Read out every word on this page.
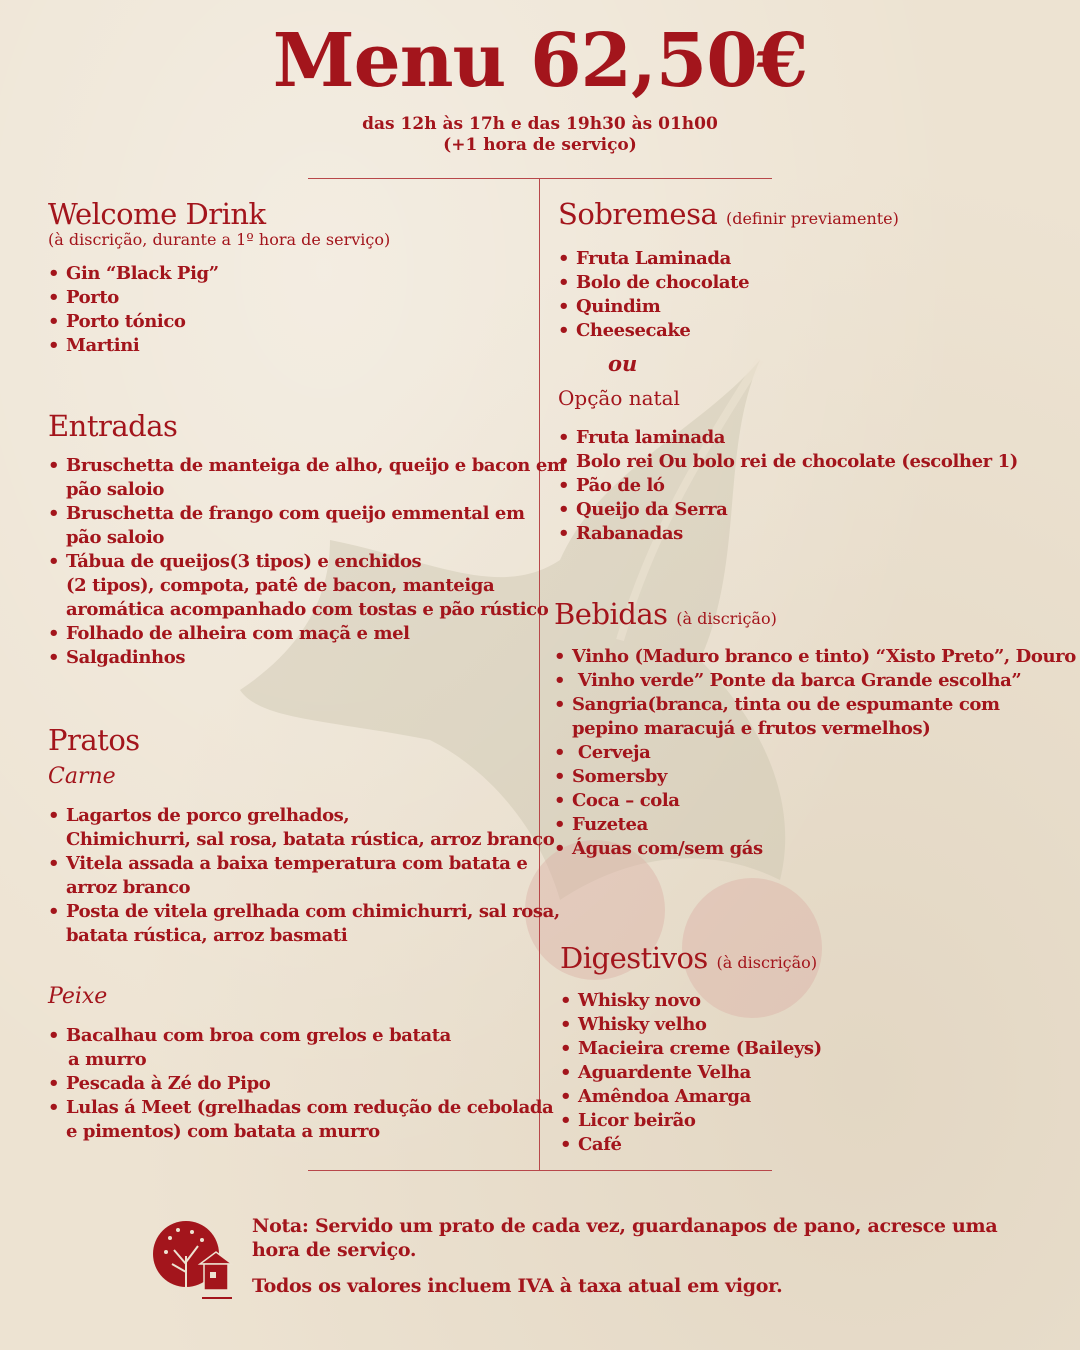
Menu 62,50€
das 12h às 17h e das 19h30 às 01h00
(+1 hora de serviço)
Welcome Drink
(à discrição, durante a 1º hora de serviço)
• Gin “Black Pig”
• Porto
• Porto tónico
• Martini
Entradas
• Bruschetta de manteiga de alho, queijo e bacon em
pão saloio
• Bruschetta de frango com queijo emmental em
pão saloio
• Tábua de queijos(3 tipos) e enchidos
(2 tipos), compota, patê de bacon, manteiga
aromática acompanhado com tostas e pão rústico
• Folhado de alheira com maçã e mel
• Salgadinhos
Pratos
Carne
• Lagartos de porco grelhados,
Chimichurri, sal rosa, batata rústica, arroz branco
• Vitela assada a baixa temperatura com batata e
arroz branco
• Posta de vitela grelhada com chimichurri, sal rosa,
batata rústica, arroz basmati
Peixe
• Bacalhau com broa com grelos e batata
a murro
• Pescada à Zé do Pipo
• Lulas á Meet (grelhadas com redução de cebolada
e pimentos) com batata a murro
Sobremesa (definir previamente)
• Fruta Laminada
• Bolo de chocolate
• Quindim
• Cheesecake
ou
Opção natal
• Fruta laminada
• Bolo rei Ou bolo rei de chocolate (escolher 1)
• Pão de ló
• Queijo da Serra
• Rabanadas
Bebidas (à discrição)
• Vinho (Maduro branco e tinto) “Xisto Preto”, Douro
•  Vinho verde” Ponte da barca Grande escolha”
• Sangria(branca, tinta ou de espumante com
pepino maracujá e frutos vermelhos)
•  Cerveja
• Somersby
• Coca – cola
• Fuzetea
• Águas com/sem gás
Digestivos (à discrição)
• Whisky novo
• Whisky velho
• Macieira creme (Baileys)
• Aguardente Velha
• Amêndoa Amarga
• Licor beirão
• Café

Nota: Servido um prato de cada vez, guardanapos de pano, acresce uma

hora de serviço.

Todos os valores incluem IVA à taxa atual em vigor.
